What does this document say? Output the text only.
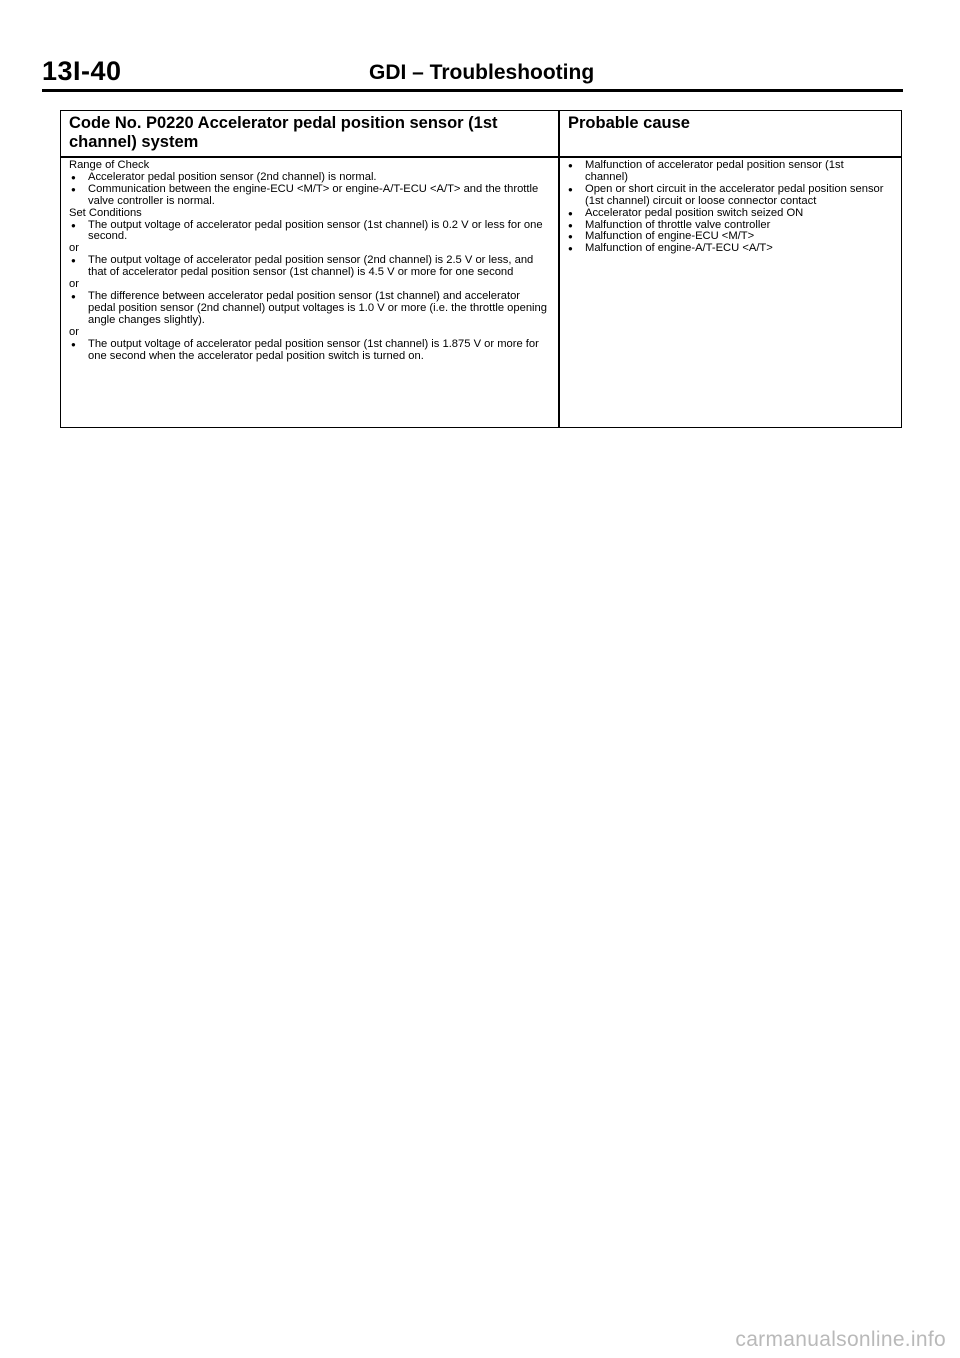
13I-40	GDI – Troubleshooting
Code No. P0220 Accelerator pedal position sensor (1st channel) system
Probable cause
Range of Check
● Accelerator pedal position sensor (2nd channel) is normal.
● Communication between the engine-ECU <M/T> or engine-A/T-ECU <A/T> and the throttle valve controller is normal.
Set Conditions
● The output voltage of accelerator pedal position sensor (1st channel) is 0.2 V or less for one second.
or
● The output voltage of accelerator pedal position sensor (2nd channel) is 2.5 V or less, and that of accelerator pedal position sensor (1st channel) is 4.5 V or more for one second
or
● The difference between accelerator pedal position sensor (1st channel) and accelerator pedal position sensor (2nd channel) output voltages is 1.0 V or more (i.e. the throttle opening angle changes slightly).
or
● The output voltage of accelerator pedal position sensor (1st channel) is 1.875 V or more for one second when the accelerator pedal position switch is turned on.
● Malfunction of accelerator pedal position sensor (1st channel)
● Open or short circuit in the accelerator pedal position sensor (1st channel) circuit or loose connector contact
● Accelerator pedal position switch seized ON
● Malfunction of throttle valve controller
● Malfunction of engine-ECU <M/T>
● Malfunction of engine-A/T-ECU <A/T>
carmanualsonline.info
